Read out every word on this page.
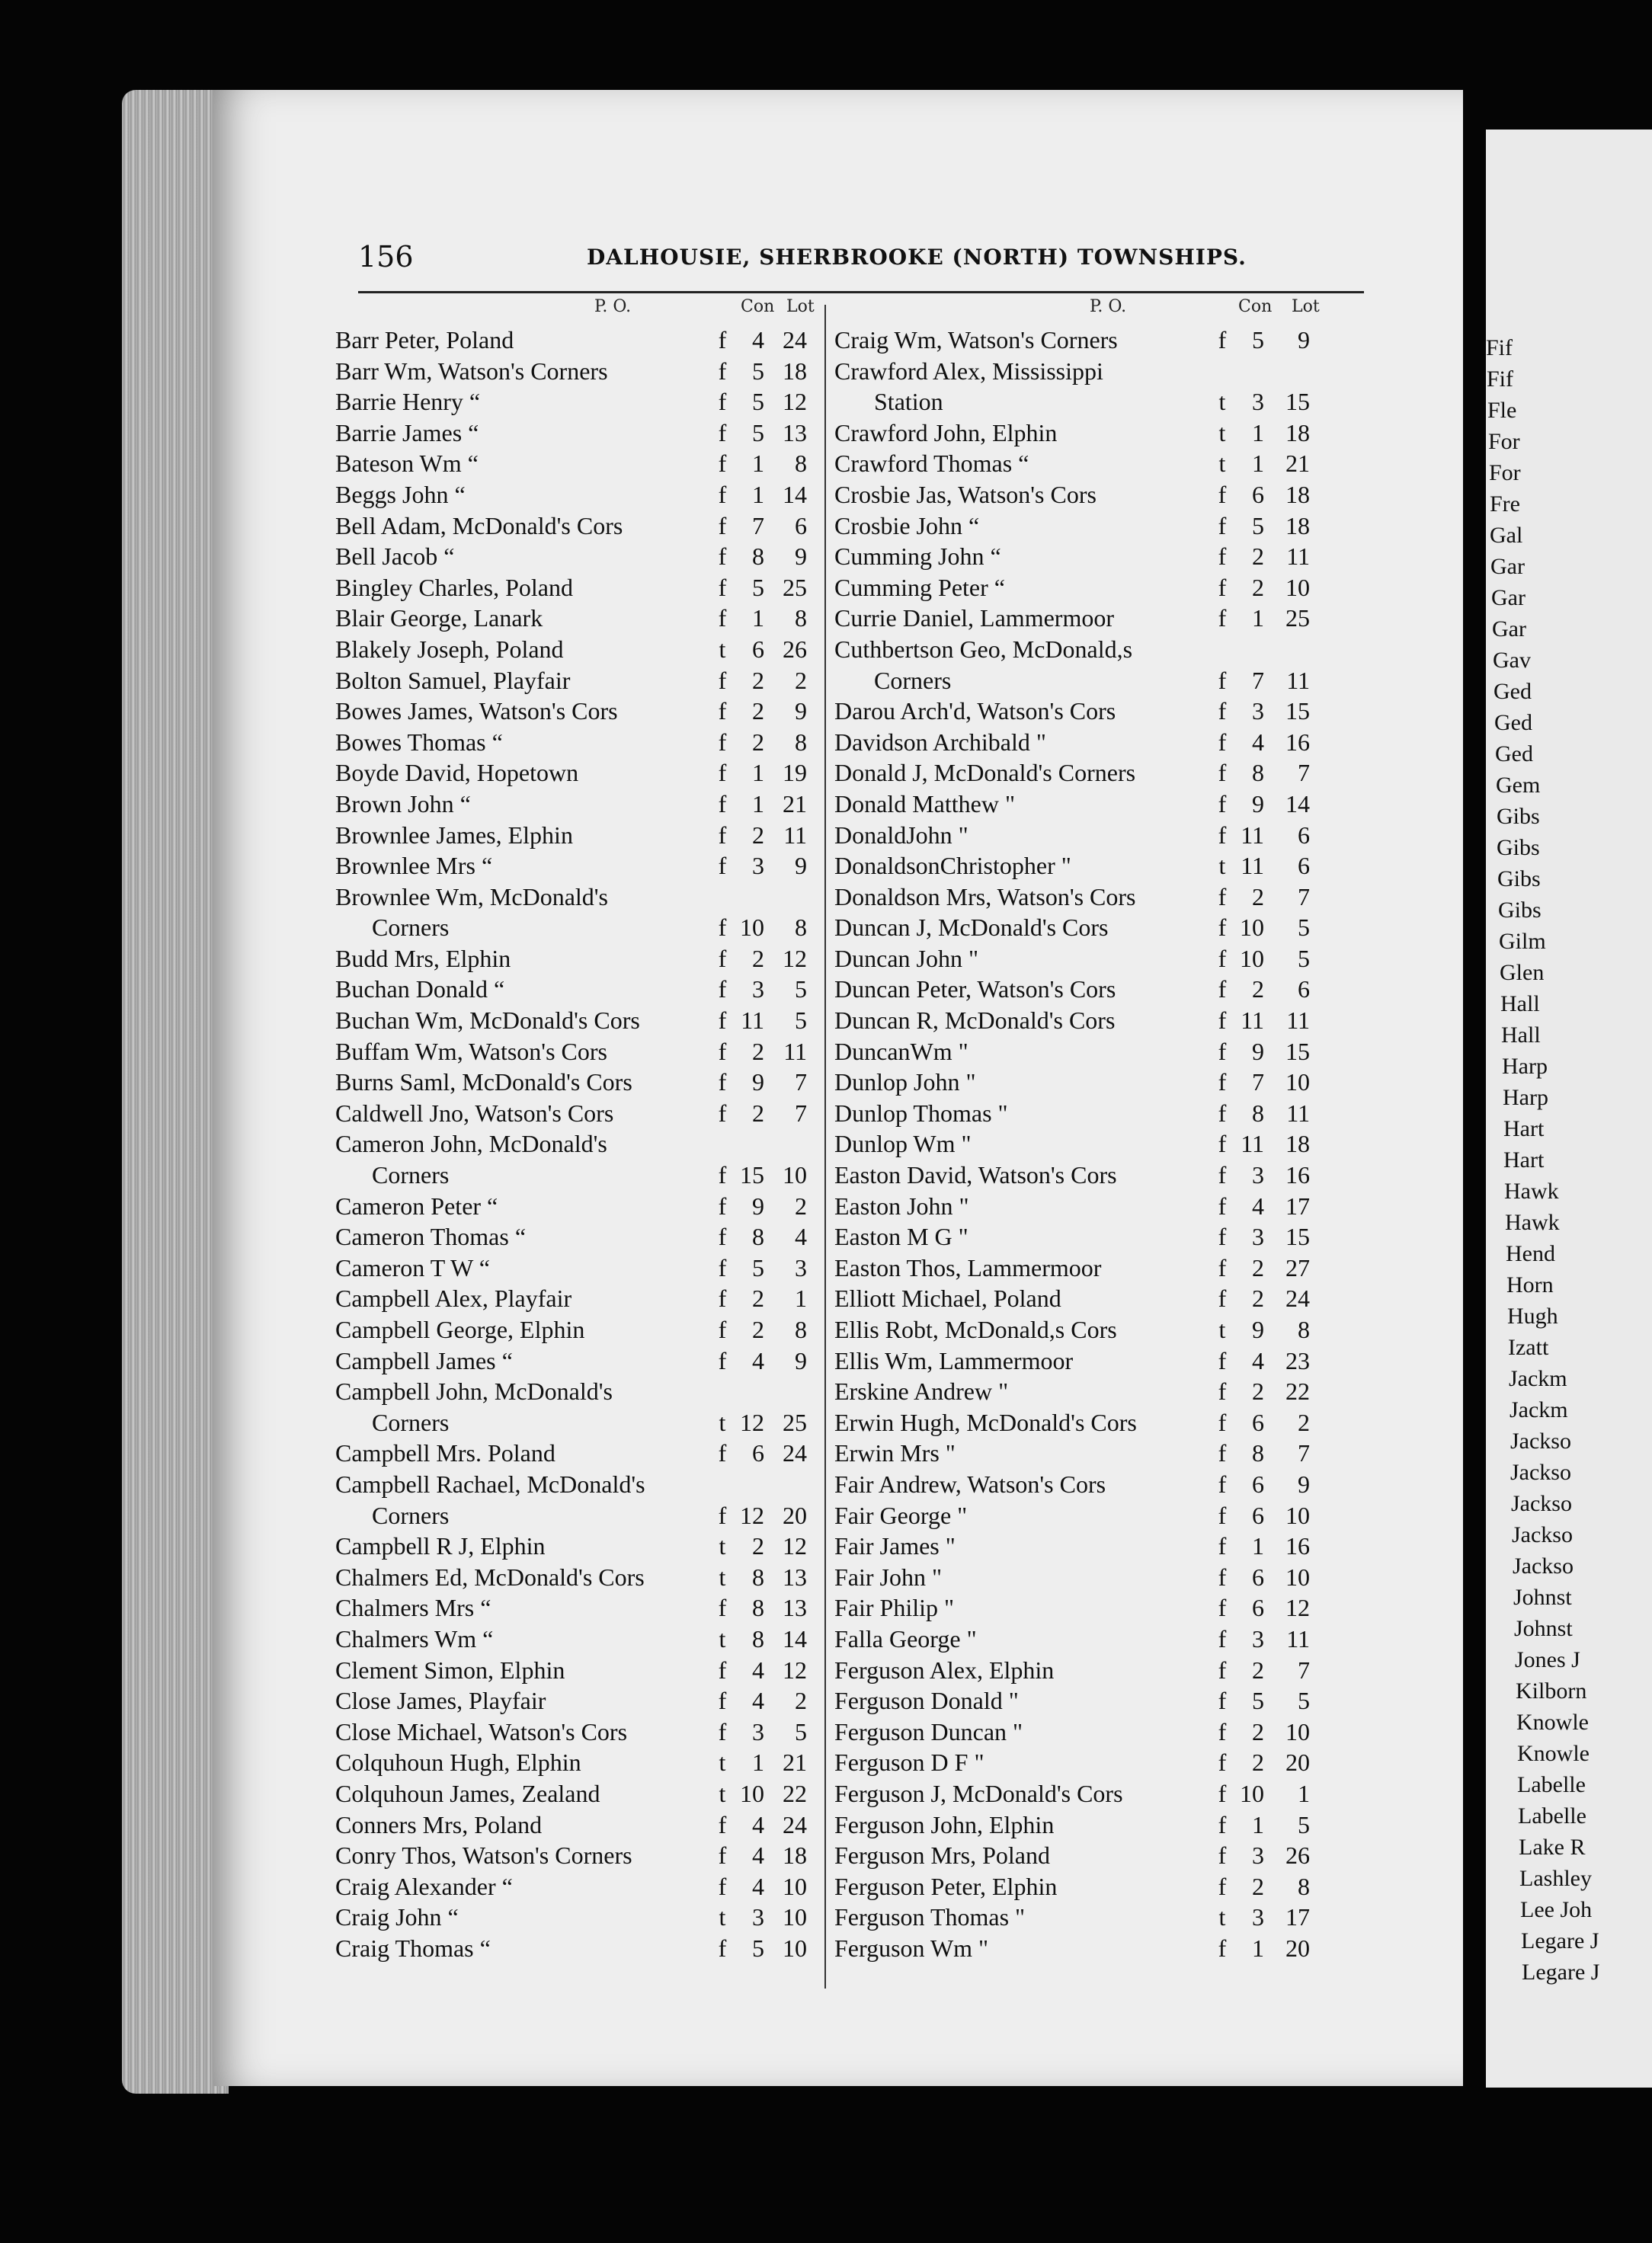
Fif
Fif
Fle
For
For
Fre
Gal
Gar
Gar
Gar
Gav
Ged
Ged
Ged
Gem
Gibs
Gibs
Gibs
Gibs
Gilm
Glen
Hall
Hall
Harp
Harp
Hart
Hart
Hawk
Hawk
Hend
Horn
Hugh
Izatt
Jackm
Jackm
Jackso
Jackso
Jackso
Jackso
Jackso
Johnst
Johnst
Jones J
Kilborn
Knowle
Knowle
Labelle
Labelle
Lake R
Lashley
Lee Joh
Legare J
Legare J
156	DALHOUSIE, SHERBROOKE (NORTH) TOWNSHIPS.
P. O.	Con Lot
Barr Peter, Poland	f	4 24
Barr Wm, Watson's Corners	f	5 18
Barrie Henry “	f	5 12
Barrie James “	f	5 13
Bateson Wm “	f	1	8
Beggs John “	f	1 14
Bell Adam, McDonald's Cors	f	7	6
Bell Jacob “	f	8	9
Bingley Charles, Poland	f	5 25
Blair George, Lanark	f	1	8
Blakely Joseph, Poland	t	6 26
Bolton Samuel, Playfair	f	2	2
Bowes James, Watson's Cors	f	2	9
Bowes Thomas “	f	2	8
Boyde David, Hopetown	f	1 19
Brown John “	f	1 21
Brownlee James, Elphin	f	2 11
Brownlee Mrs “	f	3	9
Brownlee Wm, McDonald's
Corners	f 10	8
Budd Mrs, Elphin	f	2 12
Buchan Donald “	f	3	5
Buchan Wm, McDonald's Cors	f 11	5
Buffam Wm, Watson's Cors	f	2 11
Burns Saml, McDonald's Cors	f	9	7
Caldwell Jno, Watson's Cors	f	2	7
Cameron John, McDonald's
Corners	f 15 10
Cameron Peter “	f	9	2
Cameron Thomas “	f	8	4
Cameron T W “	f	5	3
Campbell Alex, Playfair	f	2	1
Campbell George, Elphin	f	2	8
Campbell James “	f	4	9
Campbell John, McDonald's
Corners	t 12 25
Campbell Mrs. Poland	f	6 24
Campbell Rachael, McDonald's
Corners	f 12 20
Campbell R J, Elphin	t	2 12
Chalmers Ed, McDonald's Cors	t	8 13
Chalmers Mrs “	f	8 13
Chalmers Wm “	t	8 14
Clement Simon, Elphin	f	4 12
Close James, Playfair	f	4	2
Close Michael, Watson's Cors	f	3	5
Colquhoun Hugh, Elphin	t	1 21
Colquhoun James, Zealand	t 10 22
Conners Mrs, Poland	f	4 24
Conry Thos, Watson's Corners	f	4 18
Craig Alexander “	f	4 10
Craig John “	t	3 10
Craig Thomas “	f	5 10
P. O.	Con Lot
Craig Wm, Watson's Corners	f	5	9
Crawford Alex, Mississippi
Station	t	3 15
Crawford John, Elphin	t	1 18
Crawford Thomas “	t	1 21
Crosbie Jas, Watson's Cors	f	6 18
Crosbie John “	f	5 18
Cumming John “	f	2 11
Cumming Peter “	f	2 10
Currie Daniel, Lammermoor	f	1 25
Cuthbertson Geo, McDonald,s
Corners	f	7 11
Darou Arch'd, Watson's Cors	f	3 15
Davidson Archibald "	f	4 16
Donald J, McDonald's Corners	f	8	7
Donald Matthew "	f	9 14
DonaldJohn "	f 11	6
DonaldsonChristopher "	t 11	6
Donaldson Mrs, Watson's Cors	f	2	7
Duncan J, McDonald's Cors	f 10	5
Duncan John "	f 10	5
Duncan Peter, Watson's Cors	f	2	6
Duncan R, McDonald's Cors	f 11 11
DuncanWm "	f	9 15
Dunlop John "	f	7 10
Dunlop Thomas "	f	8 11
Dunlop Wm "	f 11 18
Easton David, Watson's Cors	f	3 16
Easton John "	f	4 17
Easton M G "	f	3 15
Easton Thos, Lammermoor	f	2 27
Elliott Michael, Poland	f	2 24
Ellis Robt, McDonald,s Cors	t	9	8
Ellis Wm, Lammermoor	f	4 23
Erskine Andrew "	f	2 22
Erwin Hugh, McDonald's Cors	f	6	2
Erwin Mrs "	f	8	7
Fair Andrew, Watson's Cors	f	6	9
Fair George "	f	6 10
Fair James "	f	1 16
Fair John "	f	6 10
Fair Philip "	f	6 12
Falla George "	f	3 11
Ferguson Alex, Elphin	f	2	7
Ferguson Donald "	f	5	5
Ferguson Duncan "	f	2 10
Ferguson D F "	f	2 20
Ferguson J, McDonald's Cors	f 10	1
Ferguson John, Elphin	f	1	5
Ferguson Mrs, Poland	f	3 26
Ferguson Peter, Elphin	f	2	8
Ferguson Thomas "	t	3 17
Ferguson Wm "	f	1 20
